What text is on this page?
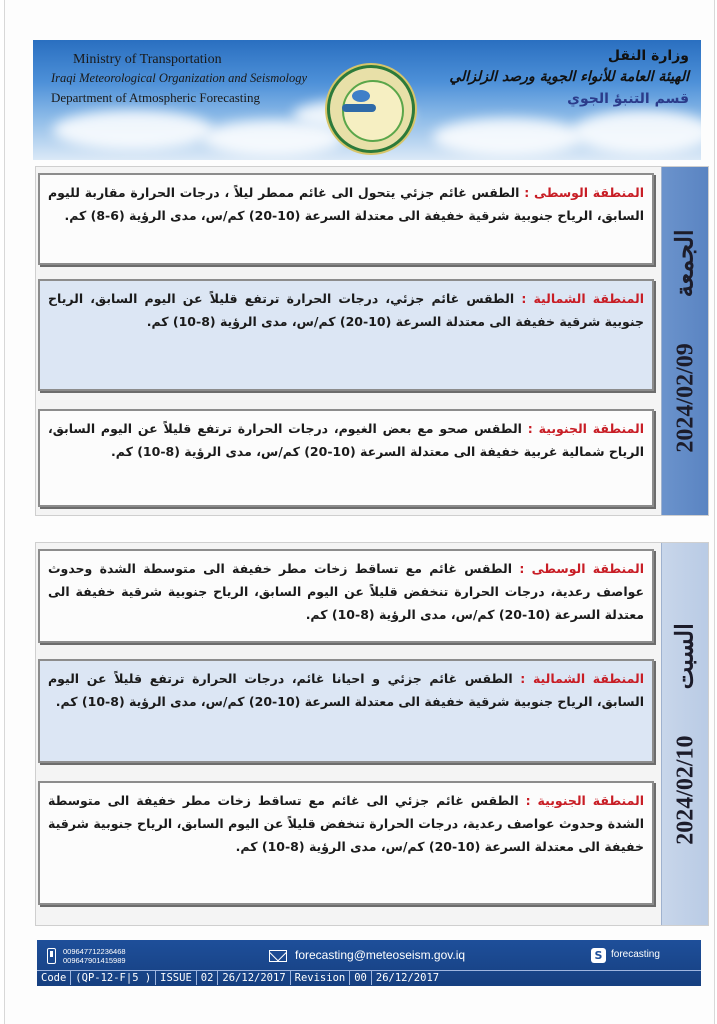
Ministry of Transportation
Iraqi Meteorological Organization and Seismology
Department of Atmospheric Forecasting
وزارة النقل
الهيئة العامة للأنواء الجوية ورصد الزلزالي
قسم التنبؤ الجوي
المنطقة الوسطى : الطقس غائم جزئي يتحول الى غائم ممطر ليلاً ، درجات الحرارة مقاربة لليوم السابق، الرياح جنوبية شرقية خفيفة الى معتدلة السرعة (10-20) كم/س، مدى الرؤية (6-8) كم.
المنطقة الشمالية : الطقس غائم جزئي، درجات الحرارة ترتفع قليلاً عن اليوم السابق، الرياح جنوبية شرقية خفيفة الى معتدلة السرعة (10-20) كم/س، مدى الرؤية (8-10) كم.
المنطقة الجنوبية : الطقس صحو مع بعض الغيوم، درجات الحرارة ترتفع قليلاً عن اليوم السابق، الرياح شمالية غربية خفيفة الى معتدلة السرعة (10-20) كم/س، مدى الرؤية (8-10) كم.
الجمعة 2024/02/09
المنطقة الوسطى : الطقس غائم مع تساقط زخات مطر خفيفة الى متوسطة الشدة وحدوث عواصف رعدية، درجات الحرارة تنخفض قليلاً عن اليوم السابق، الرياح جنوبية شرقية خفيفة الى معتدلة السرعة (10-20) كم/س، مدى الرؤية (8-10) كم.
المنطقة الشمالية : الطقس غائم جزئي و احيانا غائم، درجات الحرارة ترتفع قليلاً عن اليوم السابق، الرياح جنوبية شرقية خفيفة الى معتدلة السرعة (10-20) كم/س، مدى الرؤية (8-10) كم.
المنطقة الجنوبية : الطقس غائم جزئي الى غائم مع تساقط زخات مطر خفيفة الى متوسطة الشدة وحدوث عواصف رعدية، درجات الحرارة تنخفض قليلاً عن اليوم السابق، الرياح جنوبية شرقية خفيفة الى معتدلة السرعة (10-20) كم/س، مدى الرؤية (8-10) كم.
السبت 2024/02/10
009647712236468
009647901415989	forecasting@meteoseism.gov.iq	S forecasting
Code (QP-12-F|5 ) ISSUE 02 26/12/2017 Revision 00 26/12/2017
